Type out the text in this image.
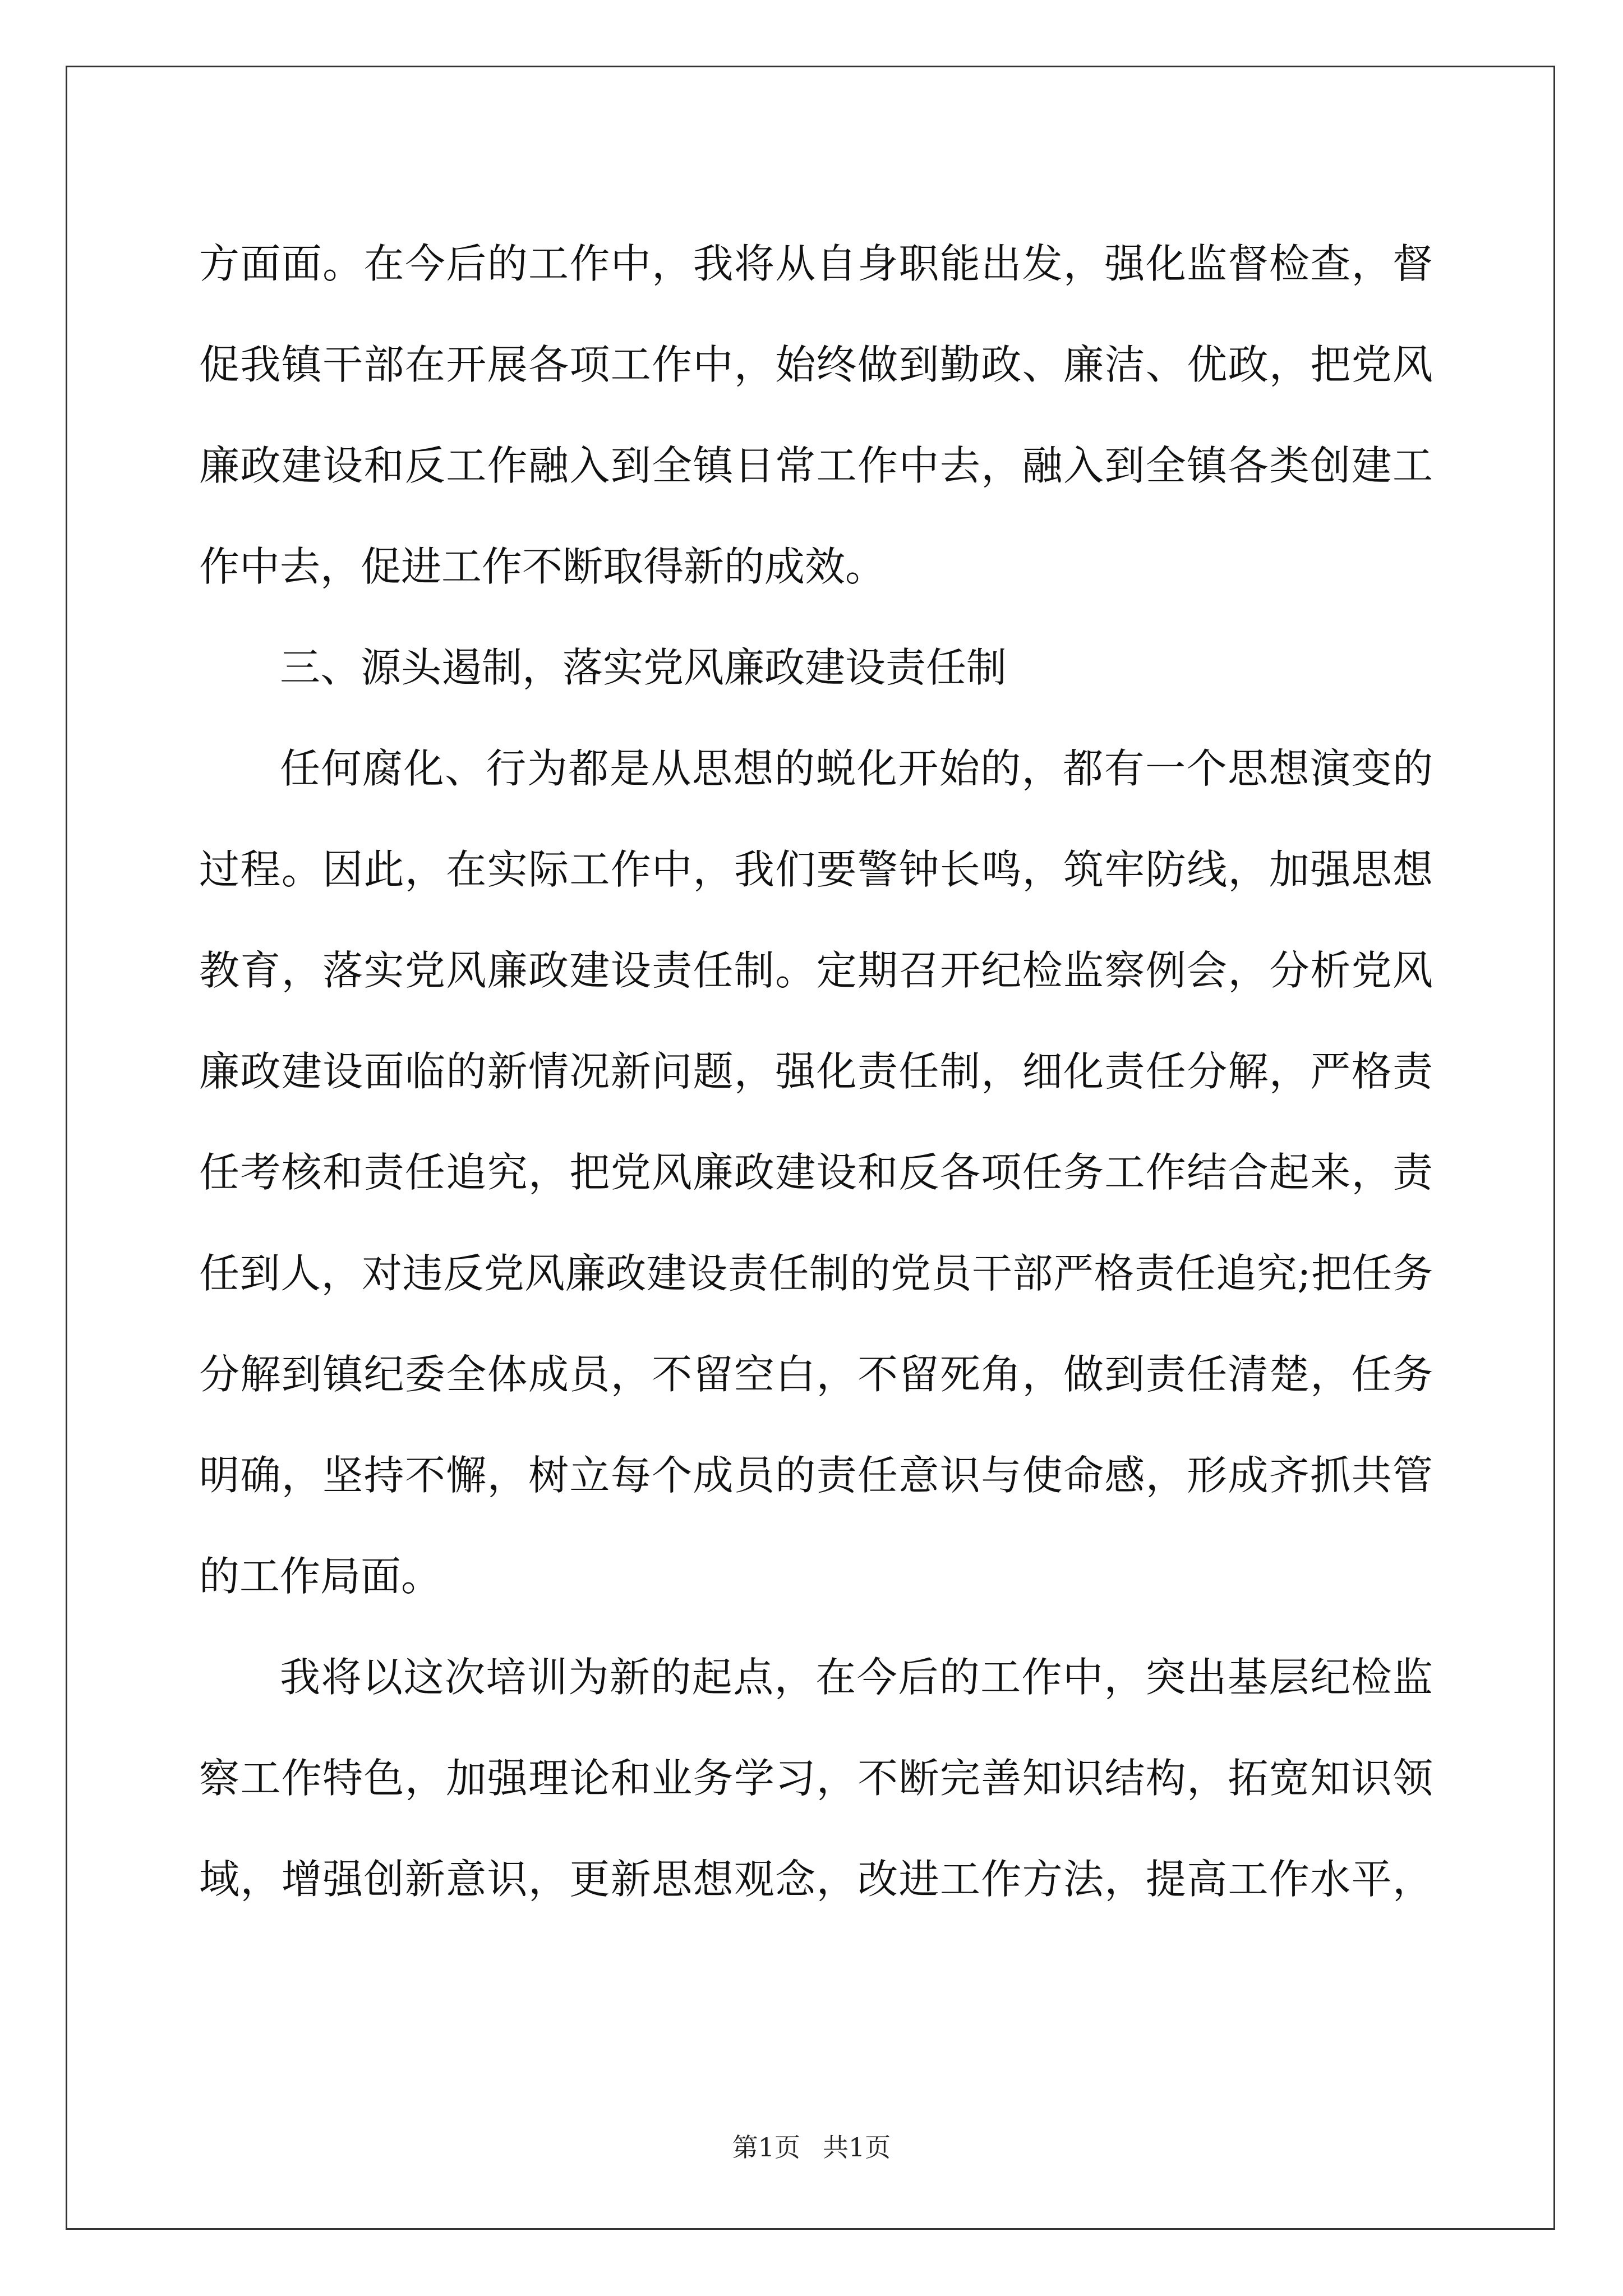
方面面。在今后的工作中，我将从自身职能出发，强化监督检查，督
促我镇干部在开展各项工作中，始终做到勤政、廉洁、优政，把党风
廉政建设和反工作融入到全镇日常工作中去，融入到全镇各类创建工
作中去，促进工作不断取得新的成效。
三、源头遏制，落实党风廉政建设责任制
任何腐化、行为都是从思想的蜕化开始的，都有一个思想演变的
过程。因此，在实际工作中，我们要警钟长鸣，筑牢防线，加强思想
教育，落实党风廉政建设责任制。定期召开纪检监察例会，分析党风
廉政建设面临的新情况新问题，强化责任制，细化责任分解，严格责
任考核和责任追究，把党风廉政建设和反各项任务工作结合起来，责
任到人，对违反党风廉政建设责任制的党员干部严格责任追究;把任务
分解到镇纪委全体成员，不留空白，不留死角，做到责任清楚，任务
明确，坚持不懈，树立每个成员的责任意识与使命感，形成齐抓共管
的工作局面。
我将以这次培训为新的起点，在今后的工作中，突出基层纪检监
察工作特色，加强理论和业务学习，不断完善知识结构，拓宽知识领
域，增强创新意识，更新思想观念，改进工作方法，提高工作水平，
第1页 共1页
